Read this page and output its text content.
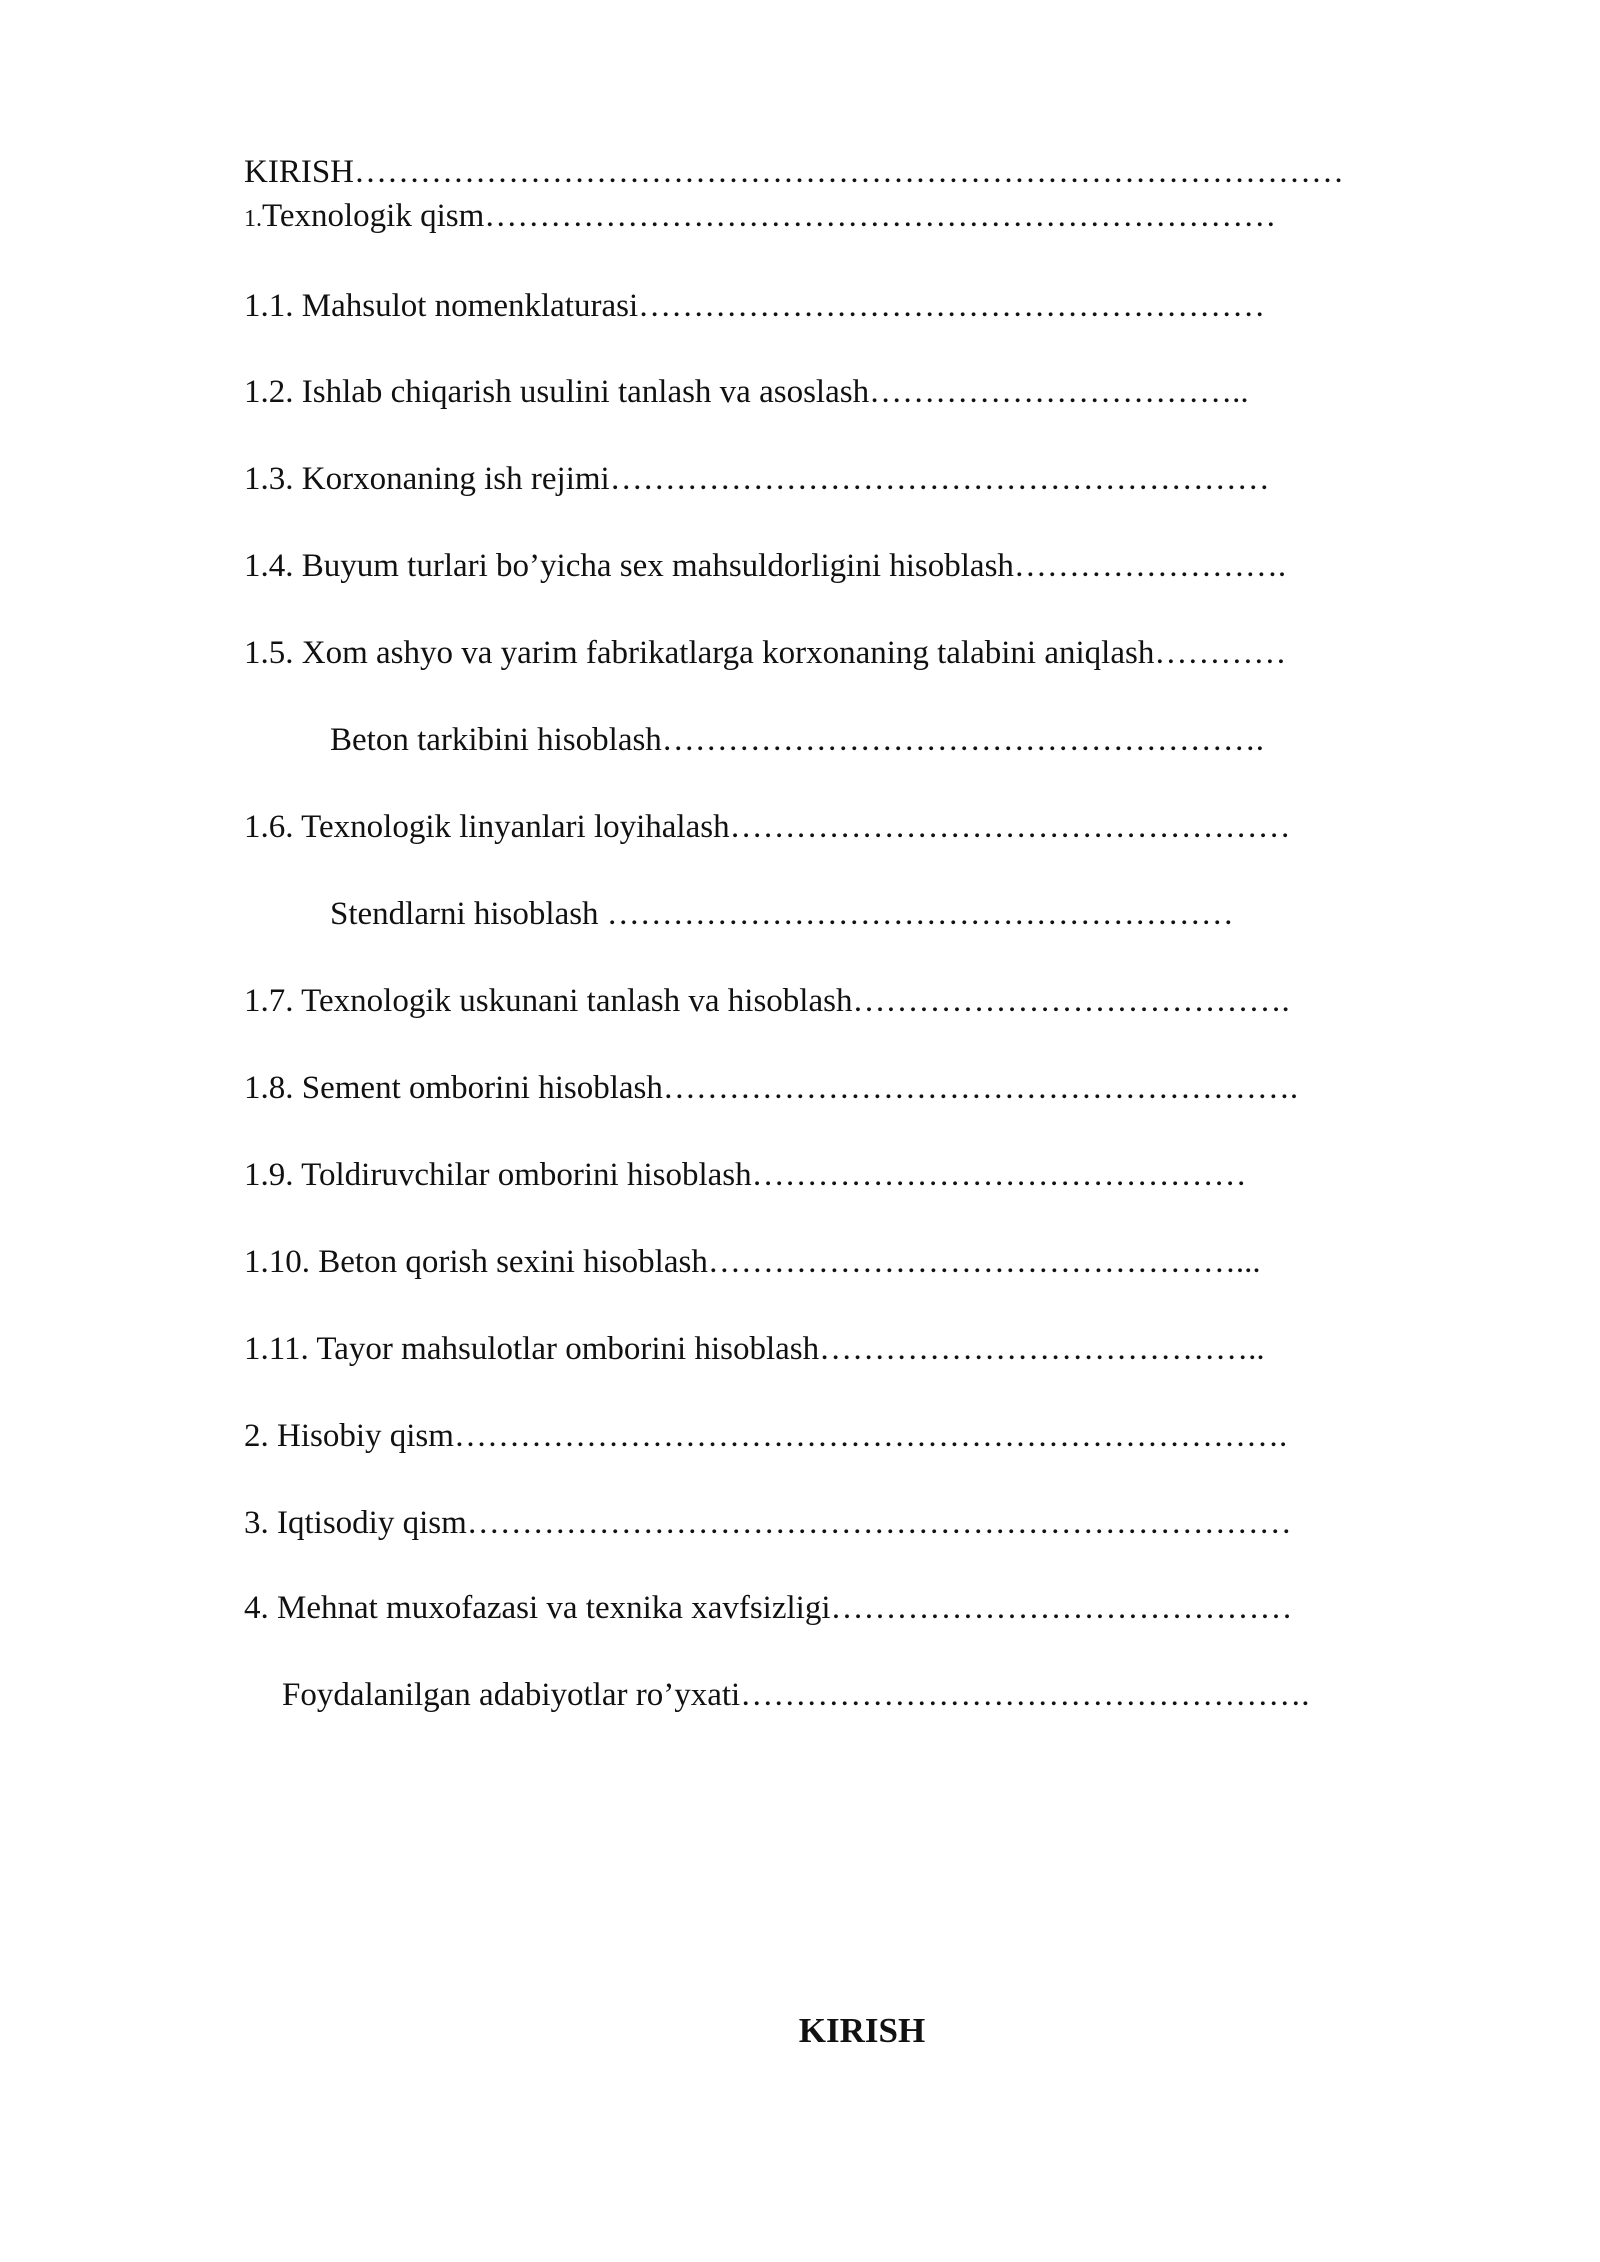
KIRISH………………………………………………………………………………
1.Texnologik qism………………………………………………………………
1.1. Mahsulot nomenklaturasi…………………………………………………
1.2. Ishlab chiqarish usulini tanlash va asoslash……………………………..
1.3. Korxonaning ish rejimi……………………………………………………
1.4. Buyum turlari bo’yicha sex mahsuldorligini hisoblash…………………….
1.5. Xom ashyo va yarim fabrikatlarga korxonaning talabini aniqlash…………
Beton tarkibini hisoblash……………………………………………….
1.6. Texnologik linyanlari loyihalash……………………………………………
Stendlarni hisoblash …………………………………………………
1.7. Texnologik uskunani tanlash va hisoblash………………………………….
1.8. Sement omborini hisoblash………………………………………………….
1.9. Toldiruvchilar omborini hisoblash………………………………………
1.10. Beton qorish sexini hisoblash…………………………………………...
1.11. Tayor mahsulotlar omborini hisoblash…………………………………..
2. Hisobiy qism………………………………………………………………….
3. Iqtisodiy qism…………………………………………………………………
4. Mehnat muxofazasi va texnika xavfsizligi……………………………………
Foydalanilgan adabiyotlar ro’yxati…………………………………………….
KIRISH
